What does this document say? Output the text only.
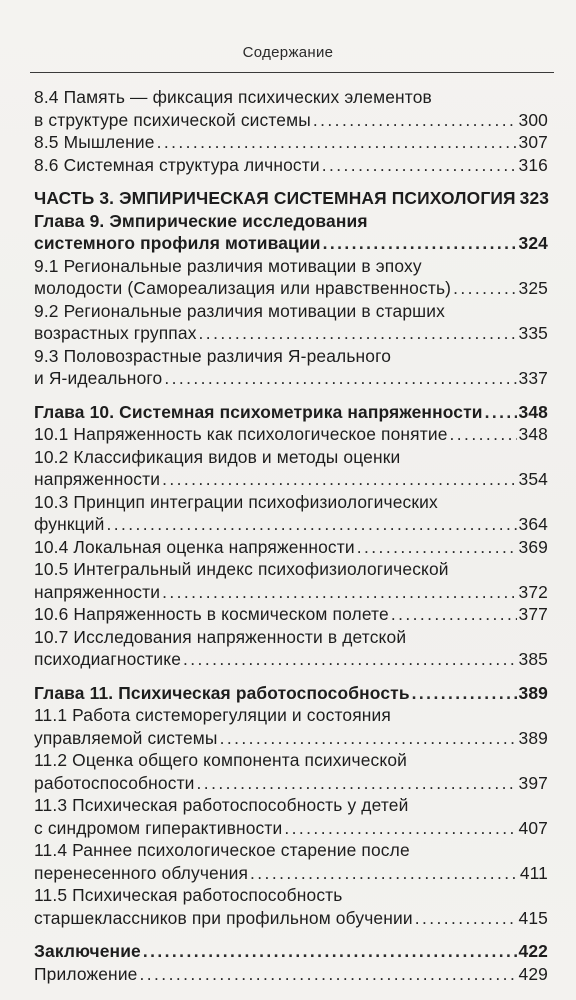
Содержание
8.4 Память — фиксация психических элементов
в структуре психической системы . . .	300
8.5 Мышление . . .	307
8.6 Системная структура личности . . .	316
ЧАСТЬ 3. ЭМПИРИЧЕСКАЯ СИСТЕМНАЯ ПСИХОЛОГИЯ 323
Глава 9. Эмпирические исследования
системного профиля мотивации . . .	324
9.1 Региональные различия мотивации в эпоху
молодости (Самореализация или нравственность) . . .	325
9.2 Региональные различия мотивации в старших
возрастных группах . . .	335
9.3 Половозрастные различия Я-реального
и Я-идеального . . .	337
Глава 10. Системная психометрика напряженности . . . 348
10.1 Напряженность как психологическое понятие . . .	348
10.2 Классификация видов и методы оценки
напряженности . . .	354
10.3 Принцип интеграции психофизиологических
функций . . .	364
10.4 Локальная оценка напряженности . . .	369
10.5 Интегральный индекс психофизиологической
напряженности . . .	372
10.6 Напряженность в космическом полете . . .	377
10.7 Исследования напряженности в детской
психодиагностике . . .	385
Глава 11. Психическая работоспособность . . .	389
11.1 Работа системорегуляции и состояния
управляемой системы . . .	389
11.2 Оценка общего компонента психической
работоспособности . . .	397
11.3 Психическая работоспособность у детей
с синдромом гиперактивности . . .	407
11.4 Раннее психологическое старение после
перенесенного облучения . . .	411
11.5 Психическая работоспособность
старшеклассников при профильном обучении . . .	415
Заключение . . .	422
Приложение . . .	429
